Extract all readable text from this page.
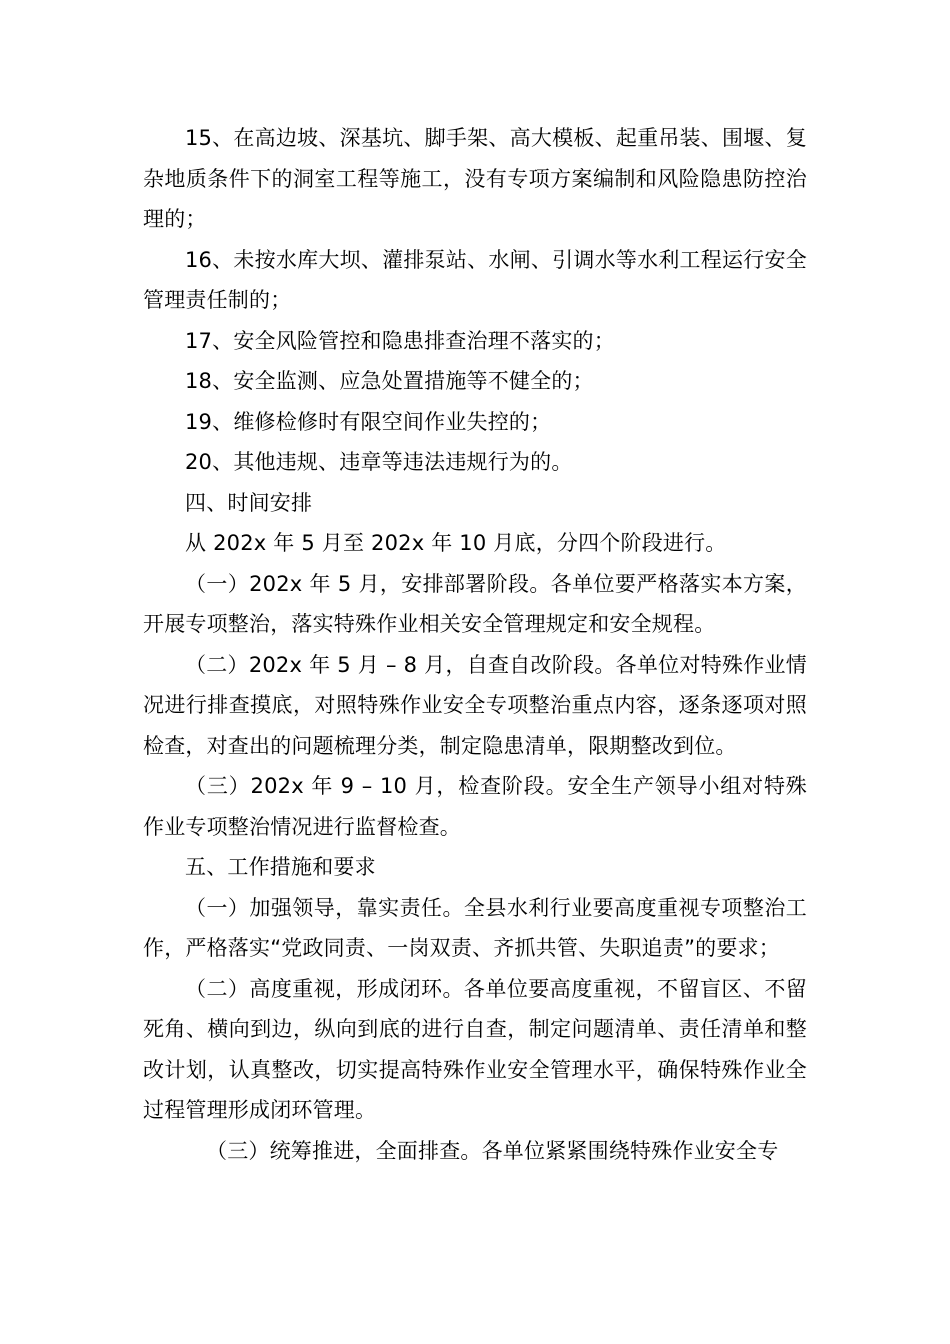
15、在高边坡、深基坑、脚手架、高大模板、起重吊装、围堰、复杂地质条件下的洞室工程等施工，没有专项方案编制和风险隐患防控治理的；

16、未按水库大坝、灌排泵站、水闸、引调水等水利工程运行安全管理责任制的；

17、安全风险管控和隐患排查治理不落实的；

18、安全监测、应急处置措施等不健全的；

19、维修检修时有限空间作业失控的；

20、其他违规、违章等违法违规行为的。

四、时间安排

从 202x 年 5 月至 202x 年 10 月底，分四个阶段进行。

（一）202x 年 5 月，安排部署阶段。各单位要严格落实本方案，开展专项整治，落实特殊作业相关安全管理规定和安全规程。

（二）202x 年 5 月 – 8 月，自查自改阶段。各单位对特殊作业情况进行排查摸底，对照特殊作业安全专项整治重点内容，逐条逐项对照检查，对查出的问题梳理分类，制定隐患清单，限期整改到位。

（三）202x 年 9 – 10 月，检查阶段。安全生产领导小组对特殊作业专项整治情况进行监督检查。

五、工作措施和要求

（一）加强领导，靠实责任。全县水利行业要高度重视专项整治工作，严格落实“党政同责、一岗双责、齐抓共管、失职追责”的要求；

（二）高度重视，形成闭环。各单位要高度重视，不留盲区、不留死角、横向到边，纵向到底的进行自查，制定问题清单、责任清单和整改计划，认真整改，切实提高特殊作业安全管理水平，确保特殊作业全过程管理形成闭环管理。

（三）统筹推进，全面排查。各单位紧紧围绕特殊作业安全专
